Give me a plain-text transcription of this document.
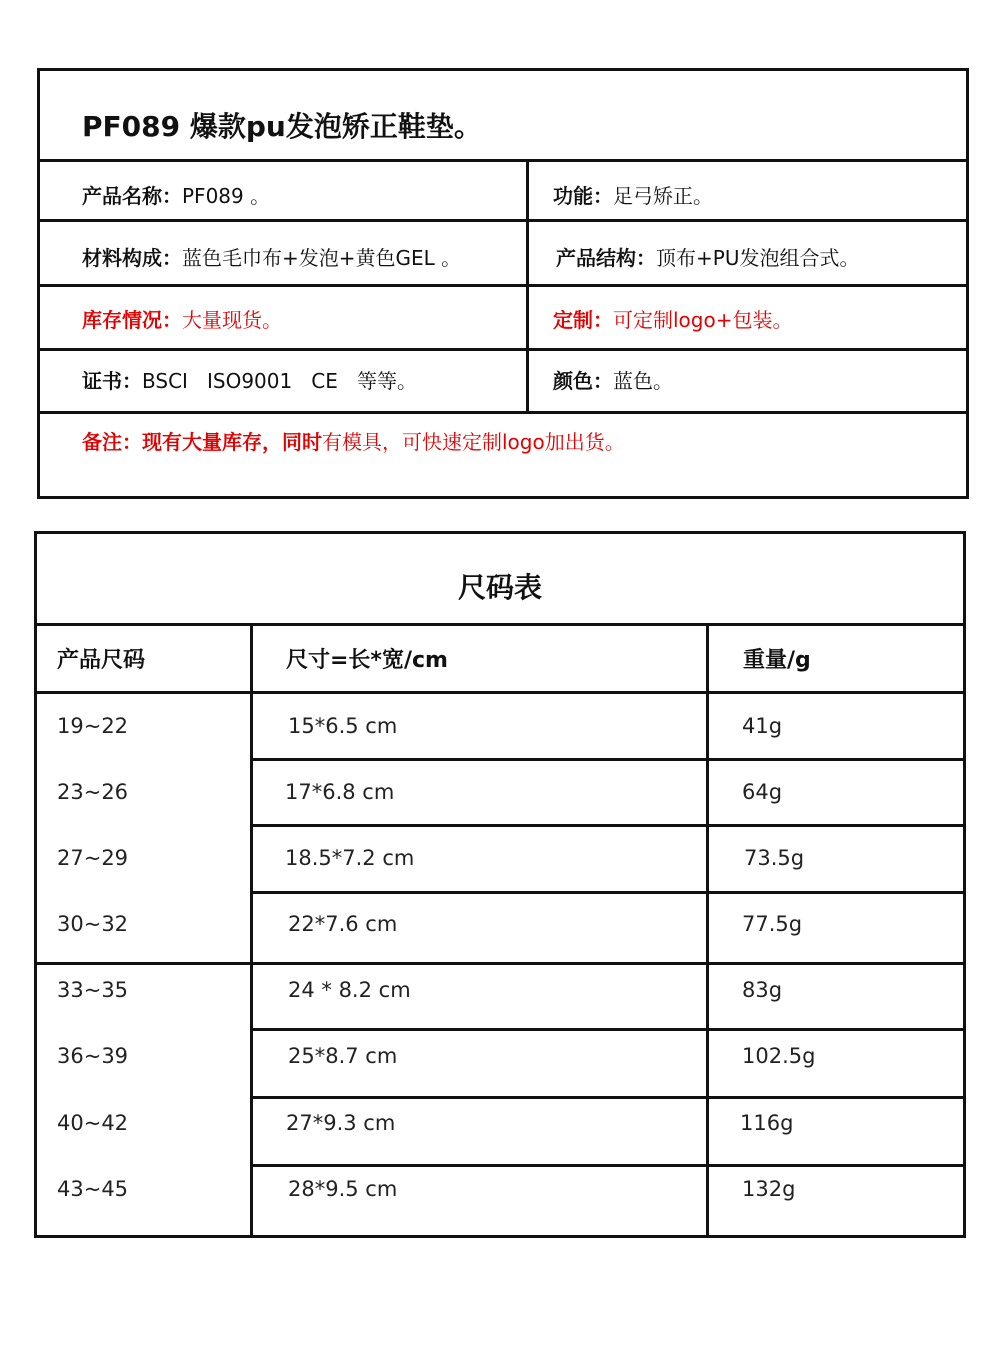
PF089 爆款pu发泡矫正鞋垫。
产品名称：PF089 。	功能：足弓矫正。
材料构成：蓝色毛巾布+发泡+黄色GEL 。	产品结构：顶布+PU发泡组合式。
库存情况：大量现货。	定制：可定制logo+包装。
证书：BSCI   ISO9001   CE   等等。	颜色：蓝色。
备注：现有大量库存，同时有模具，可快速定制logo加出货。
尺码表
产品尺码	尺寸=长*宽/cm	重量/g
19~22	15*6.5 cm	41g
23~26	17*6.8 cm	64g
27~29	18.5*7.2 cm	73.5g
30~32	22*7.6 cm	77.5g
33~35	24 * 8.2 cm	83g
36~39	25*8.7 cm	102.5g
40~42	27*9.3 cm	116g
43~45	28*9.5 cm	132g
